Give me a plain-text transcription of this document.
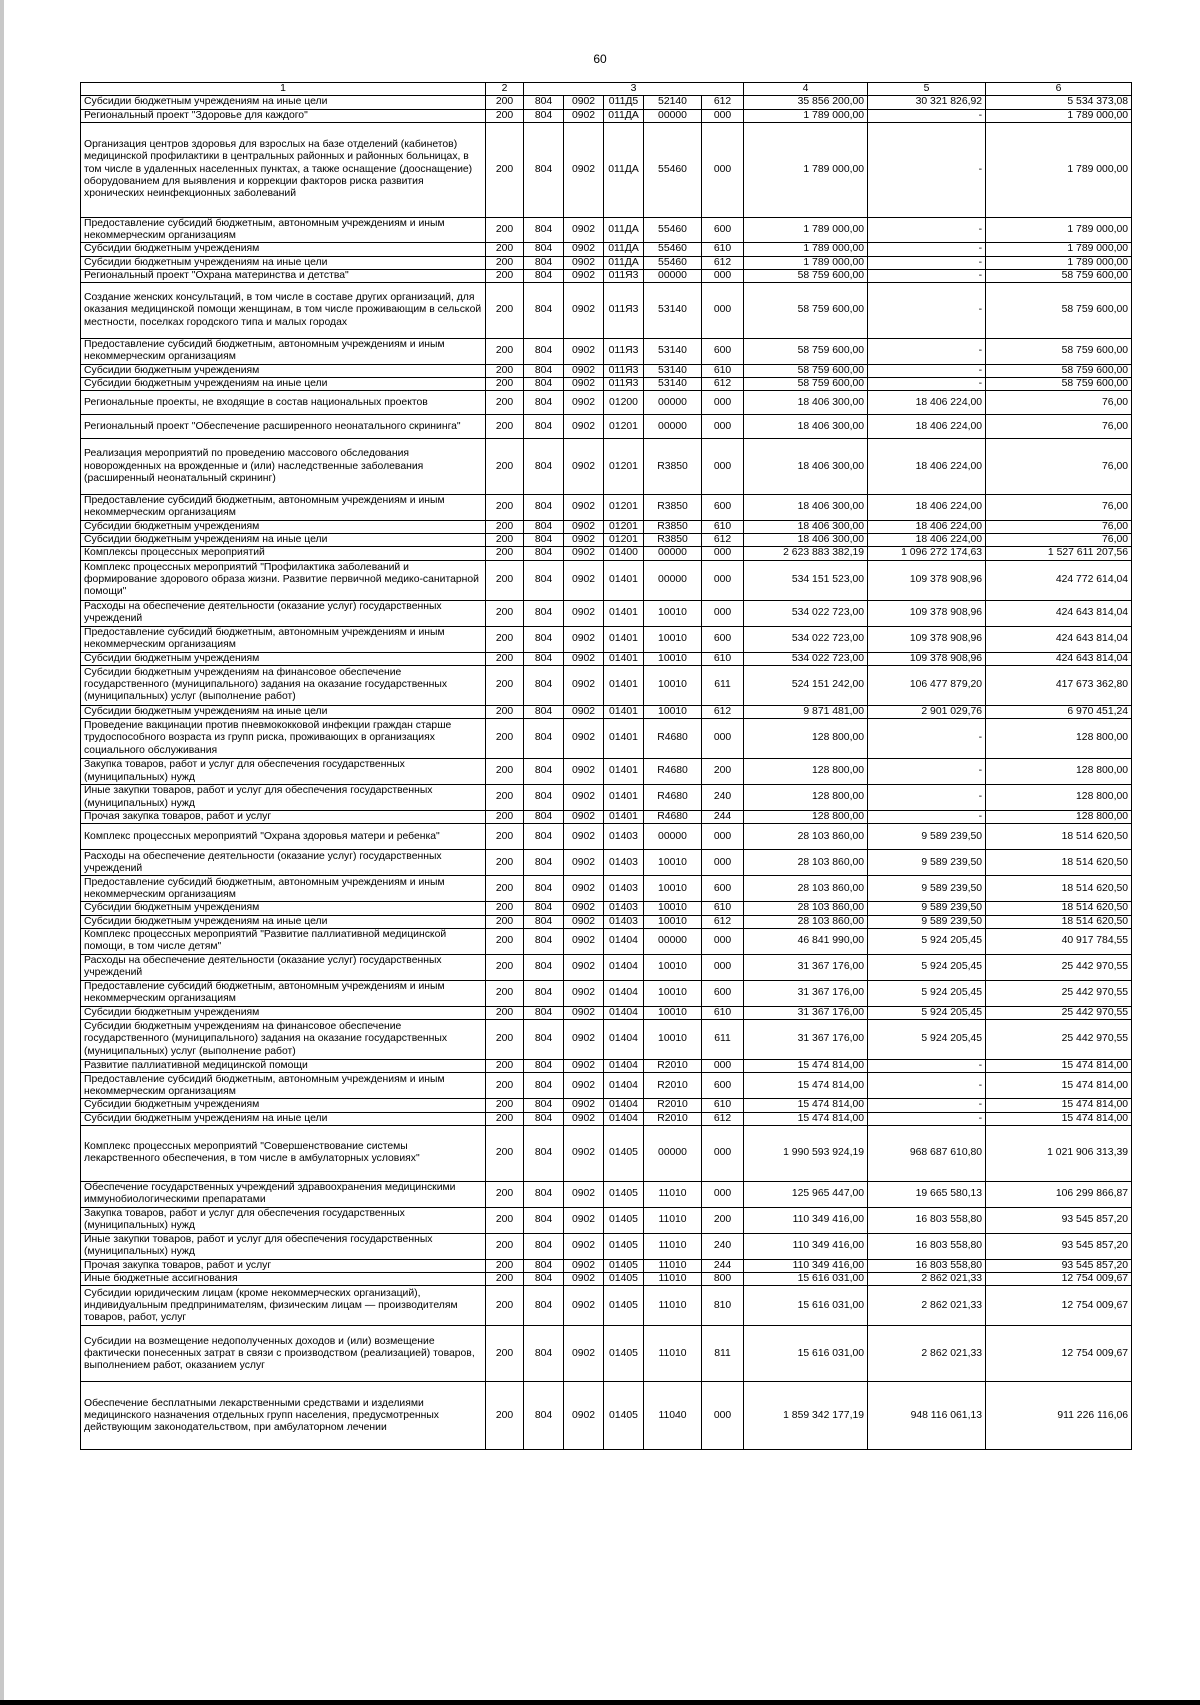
60
1	2	3					4	5	6
Субсидии бюджетным учреждениям на иные цели	200	804	0902	011Д5	52140	612	35 856 200,00	30 321 826,92	5 534 373,08
Региональный проект "Здоровье для каждого"	200	804	0902	011ДА	00000	000	1 789 000,00	-	1 789 000,00
Организация центров здоровья для взрослых на базе отделений (кабинетов) медицинской профилактики в центральных районных и районных больницах, в том числе в удаленных населенных пунктах, а также оснащение (дооснащение) оборудованием для выявления и коррекции факторов риска развития хронических неинфекционных заболеваний	200	804	0902	011ДА	55460	000	1 789 000,00	-	1 789 000,00
Предоставление субсидий бюджетным, автономным учреждениям и иным некоммерческим организациям	200	804	0902	011ДА	55460	600	1 789 000,00	-	1 789 000,00
Субсидии бюджетным учреждениям	200	804	0902	011ДА	55460	610	1 789 000,00	-	1 789 000,00
Субсидии бюджетным учреждениям на иные цели	200	804	0902	011ДА	55460	612	1 789 000,00	-	1 789 000,00
Региональный проект "Охрана материнства и детства"	200	804	0902	011Я3	00000	000	58 759 600,00	-	58 759 600,00
Создание женских консультаций, в том числе в составе других организаций, для оказания медицинской помощи женщинам, в том числе проживающим в сельской местности, поселках городского типа и малых городах	200	804	0902	011Я3	53140	000	58 759 600,00	-	58 759 600,00
Предоставление субсидий бюджетным, автономным учреждениям и иным некоммерческим организациям	200	804	0902	011Я3	53140	600	58 759 600,00	-	58 759 600,00
Субсидии бюджетным учреждениям	200	804	0902	011Я3	53140	610	58 759 600,00	-	58 759 600,00
Субсидии бюджетным учреждениям на иные цели	200	804	0902	011Я3	53140	612	58 759 600,00	-	58 759 600,00
Региональные проекты, не входящие в состав национальных проектов	200	804	0902	01200	00000	000	18 406 300,00	18 406 224,00	76,00
Региональный проект "Обеспечение расширенного неонатального скрининга"	200	804	0902	01201	00000	000	18 406 300,00	18 406 224,00	76,00
Реализация мероприятий по проведению массового обследования новорожденных на врожденные и (или) наследственные заболевания (расширенный неонатальный скрининг)	200	804	0902	01201	R3850	000	18 406 300,00	18 406 224,00	76,00
Предоставление субсидий бюджетным, автономным учреждениям и иным некоммерческим организациям	200	804	0902	01201	R3850	600	18 406 300,00	18 406 224,00	76,00
Субсидии бюджетным учреждениям	200	804	0902	01201	R3850	610	18 406 300,00	18 406 224,00	76,00
Субсидии бюджетным учреждениям на иные цели	200	804	0902	01201	R3850	612	18 406 300,00	18 406 224,00	76,00
Комплексы процессных мероприятий	200	804	0902	01400	00000	000	2 623 883 382,19	1 096 272 174,63	1 527 611 207,56
Комплекс процессных мероприятий "Профилактика заболеваний и формирование здорового образа жизни. Развитие первичной медико-санитарной помощи"	200	804	0902	01401	00000	000	534 151 523,00	109 378 908,96	424 772 614,04
Расходы на обеспечение деятельности (оказание услуг) государственных учреждений	200	804	0902	01401	10010	000	534 022 723,00	109 378 908,96	424 643 814,04
Предоставление субсидий бюджетным, автономным учреждениям и иным некоммерческим организациям	200	804	0902	01401	10010	600	534 022 723,00	109 378 908,96	424 643 814,04
Субсидии бюджетным учреждениям	200	804	0902	01401	10010	610	534 022 723,00	109 378 908,96	424 643 814,04
Субсидии бюджетным учреждениям на финансовое обеспечение государственного (муниципального) задания на оказание государственных (муниципальных) услуг (выполнение работ)	200	804	0902	01401	10010	611	524 151 242,00	106 477 879,20	417 673 362,80
Субсидии бюджетным учреждениям на иные цели	200	804	0902	01401	10010	612	9 871 481,00	2 901 029,76	6 970 451,24
Проведение вакцинации против пневмококковой инфекции граждан старше трудоспособного возраста из групп риска, проживающих в организациях социального обслуживания	200	804	0902	01401	R4680	000	128 800,00	-	128 800,00
Закупка товаров, работ и услуг для обеспечения государственных (муниципальных) нужд	200	804	0902	01401	R4680	200	128 800,00	-	128 800,00
Иные закупки товаров, работ и услуг для обеспечения государственных (муниципальных) нужд	200	804	0902	01401	R4680	240	128 800,00	-	128 800,00
Прочая закупка товаров, работ и услуг	200	804	0902	01401	R4680	244	128 800,00	-	128 800,00
Комплекс процессных мероприятий "Охрана здоровья матери и ребенка"	200	804	0902	01403	00000	000	28 103 860,00	9 589 239,50	18 514 620,50
Расходы на обеспечение деятельности (оказание услуг) государственных учреждений	200	804	0902	01403	10010	000	28 103 860,00	9 589 239,50	18 514 620,50
Предоставление субсидий бюджетным, автономным учреждениям и иным некоммерческим организациям	200	804	0902	01403	10010	600	28 103 860,00	9 589 239,50	18 514 620,50
Субсидии бюджетным учреждениям	200	804	0902	01403	10010	610	28 103 860,00	9 589 239,50	18 514 620,50
Субсидии бюджетным учреждениям на иные цели	200	804	0902	01403	10010	612	28 103 860,00	9 589 239,50	18 514 620,50
Комплекс процессных мероприятий "Развитие паллиативной медицинской помощи, в том числе детям"	200	804	0902	01404	00000	000	46 841 990,00	5 924 205,45	40 917 784,55
Расходы на обеспечение деятельности (оказание услуг) государственных учреждений	200	804	0902	01404	10010	000	31 367 176,00	5 924 205,45	25 442 970,55
Предоставление субсидий бюджетным, автономным учреждениям и иным некоммерческим организациям	200	804	0902	01404	10010	600	31 367 176,00	5 924 205,45	25 442 970,55
Субсидии бюджетным учреждениям	200	804	0902	01404	10010	610	31 367 176,00	5 924 205,45	25 442 970,55
Субсидии бюджетным учреждениям на финансовое обеспечение государственного (муниципального) задания на оказание государственных (муниципальных) услуг (выполнение работ)	200	804	0902	01404	10010	611	31 367 176,00	5 924 205,45	25 442 970,55
Развитие паллиативной медицинской помощи	200	804	0902	01404	R2010	000	15 474 814,00	-	15 474 814,00
Предоставление субсидий бюджетным, автономным учреждениям и иным некоммерческим организациям	200	804	0902	01404	R2010	600	15 474 814,00	-	15 474 814,00
Субсидии бюджетным учреждениям	200	804	0902	01404	R2010	610	15 474 814,00	-	15 474 814,00
Субсидии бюджетным учреждениям на иные цели	200	804	0902	01404	R2010	612	15 474 814,00	-	15 474 814,00
Комплекс процессных мероприятий "Совершенствование системы лекарственного обеспечения, в том числе в амбулаторных условиях"	200	804	0902	01405	00000	000	1 990 593 924,19	968 687 610,80	1 021 906 313,39
Обеспечение государственных учреждений здравоохранения медицинскими иммунобиологическими препаратами	200	804	0902	01405	11010	000	125 965 447,00	19 665 580,13	106 299 866,87
Закупка товаров, работ и услуг для обеспечения государственных (муниципальных) нужд	200	804	0902	01405	11010	200	110 349 416,00	16 803 558,80	93 545 857,20
Иные закупки товаров, работ и услуг для обеспечения государственных (муниципальных) нужд	200	804	0902	01405	11010	240	110 349 416,00	16 803 558,80	93 545 857,20
Прочая закупка товаров, работ и услуг	200	804	0902	01405	11010	244	110 349 416,00	16 803 558,80	93 545 857,20
Иные бюджетные ассигнования	200	804	0902	01405	11010	800	15 616 031,00	2 862 021,33	12 754 009,67
Субсидии юридическим лицам (кроме некоммерческих организаций), индивидуальным предпринимателям, физическим лицам — производителям товаров, работ, услуг	200	804	0902	01405	11010	810	15 616 031,00	2 862 021,33	12 754 009,67
Субсидии на возмещение недополученных доходов и (или) возмещение фактически понесенных затрат в связи с производством (реализацией) товаров, выполнением работ, оказанием услуг	200	804	0902	01405	11010	811	15 616 031,00	2 862 021,33	12 754 009,67
Обеспечение бесплатными лекарственными средствами и изделиями медицинского назначения отдельных групп населения, предусмотренных действующим законодательством, при амбулаторном лечении	200	804	0902	01405	11040	000	1 859 342 177,19	948 116 061,13	911 226 116,06
